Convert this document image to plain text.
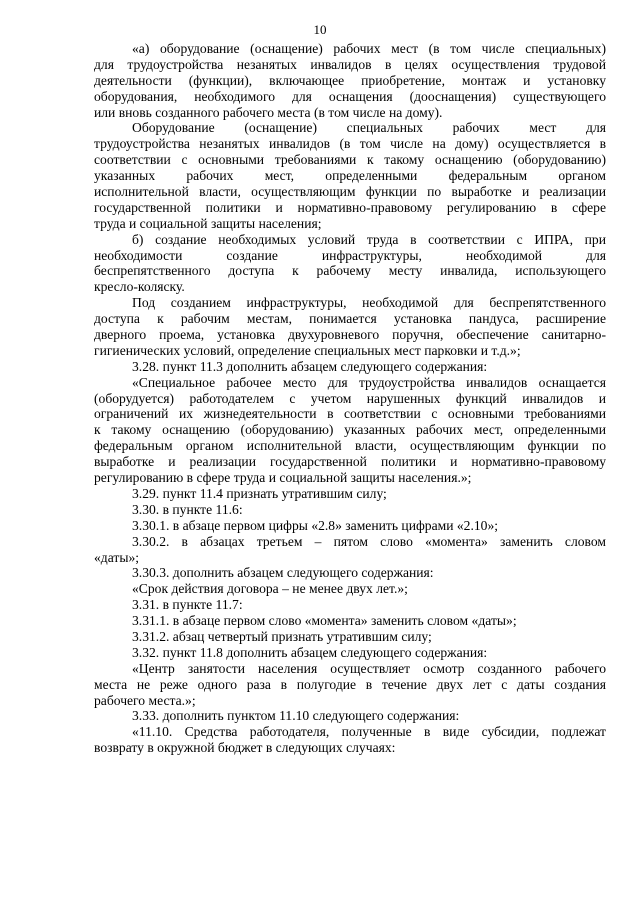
10
«а) оборудование (оснащение) рабочих мест (в том числе специальных)
для трудоустройства незанятых инвалидов в целях осуществления трудовой
деятельности (функции), включающее приобретение, монтаж и установку
оборудования, необходимого для оснащения (дооснащения) существующего
или вновь созданного рабочего места (в том числе на дому).
Оборудование (оснащение) специальных рабочих мест для
трудоустройства незанятых инвалидов (в том числе на дому) осуществляется в
соответствии с основными требованиями к такому оснащению (оборудованию)
указанных рабочих мест, определенными федеральным органом
исполнительной власти, осуществляющим функции по выработке и реализации
государственной политики и нормативно-правовому регулированию в сфере
труда и социальной защиты населения;
б) создание необходимых условий труда в соответствии с ИПРА, при
необходимости создание инфраструктуры, необходимой для
беспрепятственного доступа к рабочему месту инвалида, использующего
кресло-коляску.
Под созданием инфраструктуры, необходимой для беспрепятственного
доступа к рабочим местам, понимается установка пандуса, расширение
дверного проема, установка двухуровневого поручня, обеспечение санитарно-
гигиенических условий, определение специальных мест парковки и т.д.»;
3.28. пункт 11.3 дополнить абзацем следующего содержания:
«Специальное рабочее место для трудоустройства инвалидов оснащается
(оборудуется) работодателем с учетом нарушенных функций инвалидов и
ограничений их жизнедеятельности в соответствии с основными требованиями
к такому оснащению (оборудованию) указанных рабочих мест, определенными
федеральным органом исполнительной власти, осуществляющим функции по
выработке и реализации государственной политики и нормативно-правовому
регулированию в сфере труда и социальной защиты населения.»;
3.29. пункт 11.4 признать утратившим силу;
3.30. в пункте 11.6:
3.30.1. в абзаце первом цифры «2.8» заменить цифрами «2.10»;
3.30.2. в абзацах третьем – пятом слово «момента» заменить словом
«даты»;
3.30.3. дополнить абзацем следующего содержания:
«Срок действия договора – не менее двух лет.»;
3.31. в пункте 11.7:
3.31.1. в абзаце первом слово «момента» заменить словом «даты»;
3.31.2. абзац четвертый признать утратившим силу;
3.32. пункт 11.8 дополнить абзацем следующего содержания:
«Центр занятости населения осуществляет осмотр созданного рабочего
места не реже одного раза в полугодие в течение двух лет с даты создания
рабочего места.»;
3.33. дополнить пунктом 11.10 следующего содержания:
«11.10. Средства работодателя, полученные в виде субсидии, подлежат
возврату в окружной бюджет в следующих случаях:
